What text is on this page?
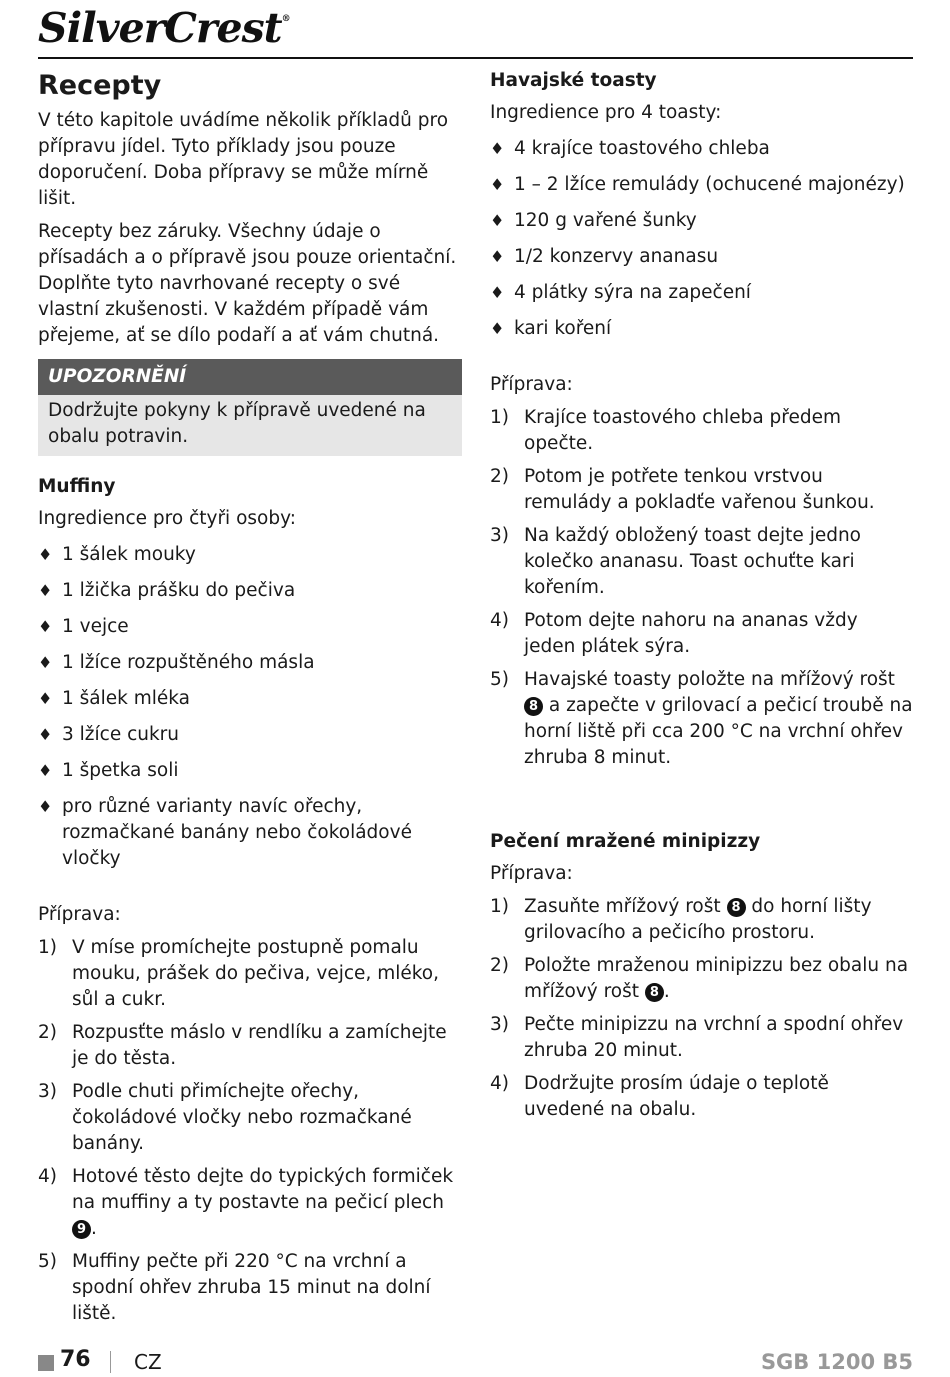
SilverCrest®
Recepty

V této kapitole uvádíme několik příkladů pro přípravu jídel. Tyto příklady jsou pouze doporučení. Doba přípravy se může mírně lišit.

Recepty bez záruky. Všechny údaje o přísadách a o přípravě jsou pouze orientační. Doplňte tyto navrhované recepty o své vlastní zkušenosti. V každém případě vám přejeme, ať se dílo podaří a ať vám chutná.

UPOZORNĚNÍ
Dodržujte pokyny k přípravě uvedené na obalu potravin.
Muffiny

Ingredience pro čtyři osoby:

♦ 1 šálek mouky
♦ 1 lžička prášku do pečiva
♦ 1 vejce
♦ 1 lžíce rozpuštěného másla
♦ 1 šálek mléka
♦ 3 lžíce cukru
♦ 1 špetka soli
♦ pro různé varianty navíc ořechy, rozmačkané banány nebo čokoládové vločky

Příprava:

1) V míse promíchejte postupně pomalu mouku, prášek do pečiva, vejce, mléko, sůl a cukr.
2) Rozpusťte máslo v rendlíku a zamíchejte je do těsta.
3) Podle chuti přimíchejte ořechy, čokoládové vločky nebo rozmačkané banány.
4) Hotové těsto dejte do typických formiček na muffiny a ty postavte na pečicí plech 9 .
5) Muffiny pečte při 220 °C na vrchní a spodní ohřev zhruba 15 minut na dolní liště.
Havajské toasty

Ingredience pro 4 toasty:

♦ 4 krajíce toastového chleba
♦ 1 – 2 lžíce remulády (ochucené majonézy)
♦ 120 g vařené šunky
♦ 1/2 konzervy ananasu
♦ 4 plátky sýra na zapečení
♦ kari koření

Příprava:

1) Krajíce toastového chleba předem opečte.
2) Potom je potřete tenkou vrstvou remulády a pokladťe vařenou šunkou.
3) Na každý obložený toast dejte jedno kolečko ananasu. Toast ochuťte kari kořením.
4) Potom dejte nahoru na ananas vždy jeden plátek sýra.
5) Havajské toasty položte na mřížový rošt 8 a zapečte v grilovací a pečicí troubě na horní liště při cca 200 °C na vrchní ohřev zhruba 8 minut.
Pečení mražené minipizzy

Příprava:

1) Zasuňte mřížový rošt 8 do horní lišty grilovacího a pečicího prostoru.
2) Položte mraženou minipizzu bez obalu na mřížový rošt 8 .
3) Pečte minipizzu na vrchní a spodní ohřev zhruba 20 minut.
4) Dodržujte prosím údaje o teplotě uvedené na obalu.
76 CZ	SGB 1200 B5
